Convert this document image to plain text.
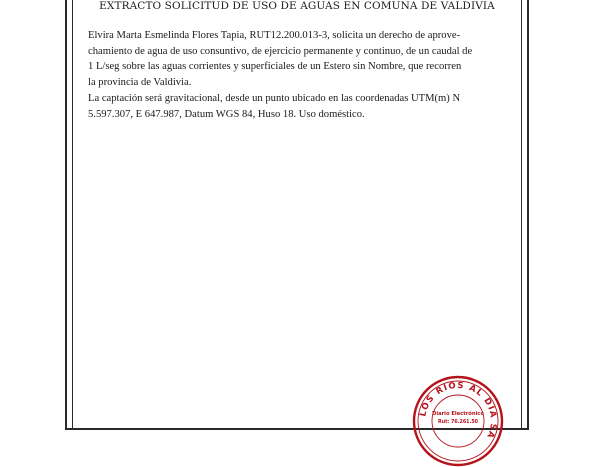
EXTRACTO SOLICITUD DE USO DE AGUAS EN COMUNA DE VALDIVIA

Elvira Marta Esmelinda Flores Tapia, RUT12.200.013-3, solicita un derecho de aprove-
chamiento de agua de uso consuntivo, de ejercicio permanente y continuo, de un caudal de
1 L/seg sobre las aguas corrientes y superficiales de un Estero sin Nombre, que recorren
la provincia de Valdivia.

La captación será gravitacional, desde un punto ubicado en las coordenadas UTM(m) N
5.597.307, E 647.987, Datum WGS 84, Huso 18. Uso doméstico.

LOS RIOS AL DIA SA
Diario Electrónico
Rut: 76.261.50
